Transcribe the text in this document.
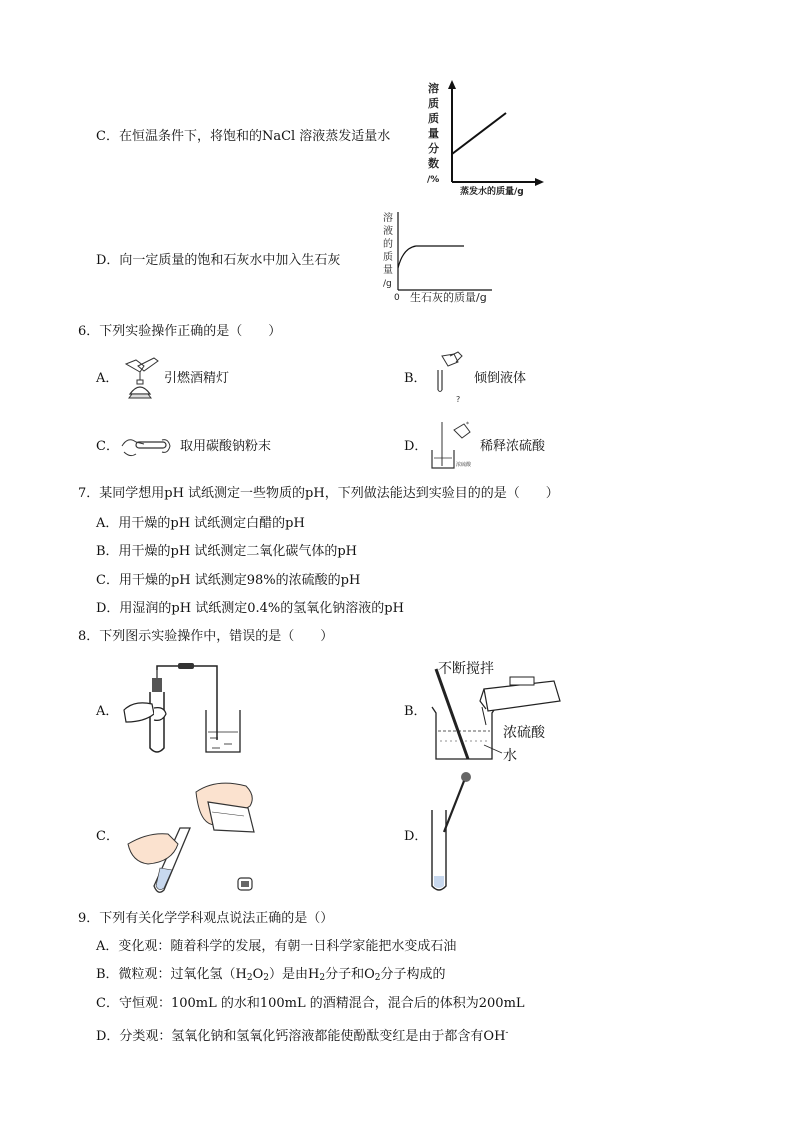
C．在恒温条件下，将饱和的NaCl 溶液蒸发适量水
溶
质
质
量
分
数
/%
蒸发水的质量/g
D．向一定质量的饱和石灰水中加入生石灰
溶
液
的
质
量
/g
0 生石灰的质量/g
6．下列实验操作正确的是（　　）
A．	引燃酒精灯	B．
?
倾倒液体
C．	取用碳酸钠粉末	D．
*
浓硫酸
稀释浓硫酸
7．某同学想用pH 试纸测定一些物质的pH，下列做法能达到实验目的的是（　　）
A．用干燥的pH 试纸测定白醋的pH
B．用干燥的pH 试纸测定二氧化碳气体的pH
C．用干燥的pH 试纸测定98%的浓硫酸的pH
D．用湿润的pH 试纸测定0.4%的氢氧化钠溶液的pH
8．下列图示实验操作中，错误的是（　　）
A．	B．
不断搅拌
浓硫酸
水
C．	D．
9．下列有关化学学科观点说法正确的是（）
A．变化观：随着科学的发展，有朝一日科学家能把水变成石油
B．微粒观：过氧化氢$(H_2O_2)$是由$H_2$分子和$O_2$分子构成的
C．守恒观：100mL 的水和100mL 的酒精混合，混合后的体积为200mL
D．分类观：氢氧化钠和氢氧化钙溶液都能使酚酞变红是由于都含有OH-
